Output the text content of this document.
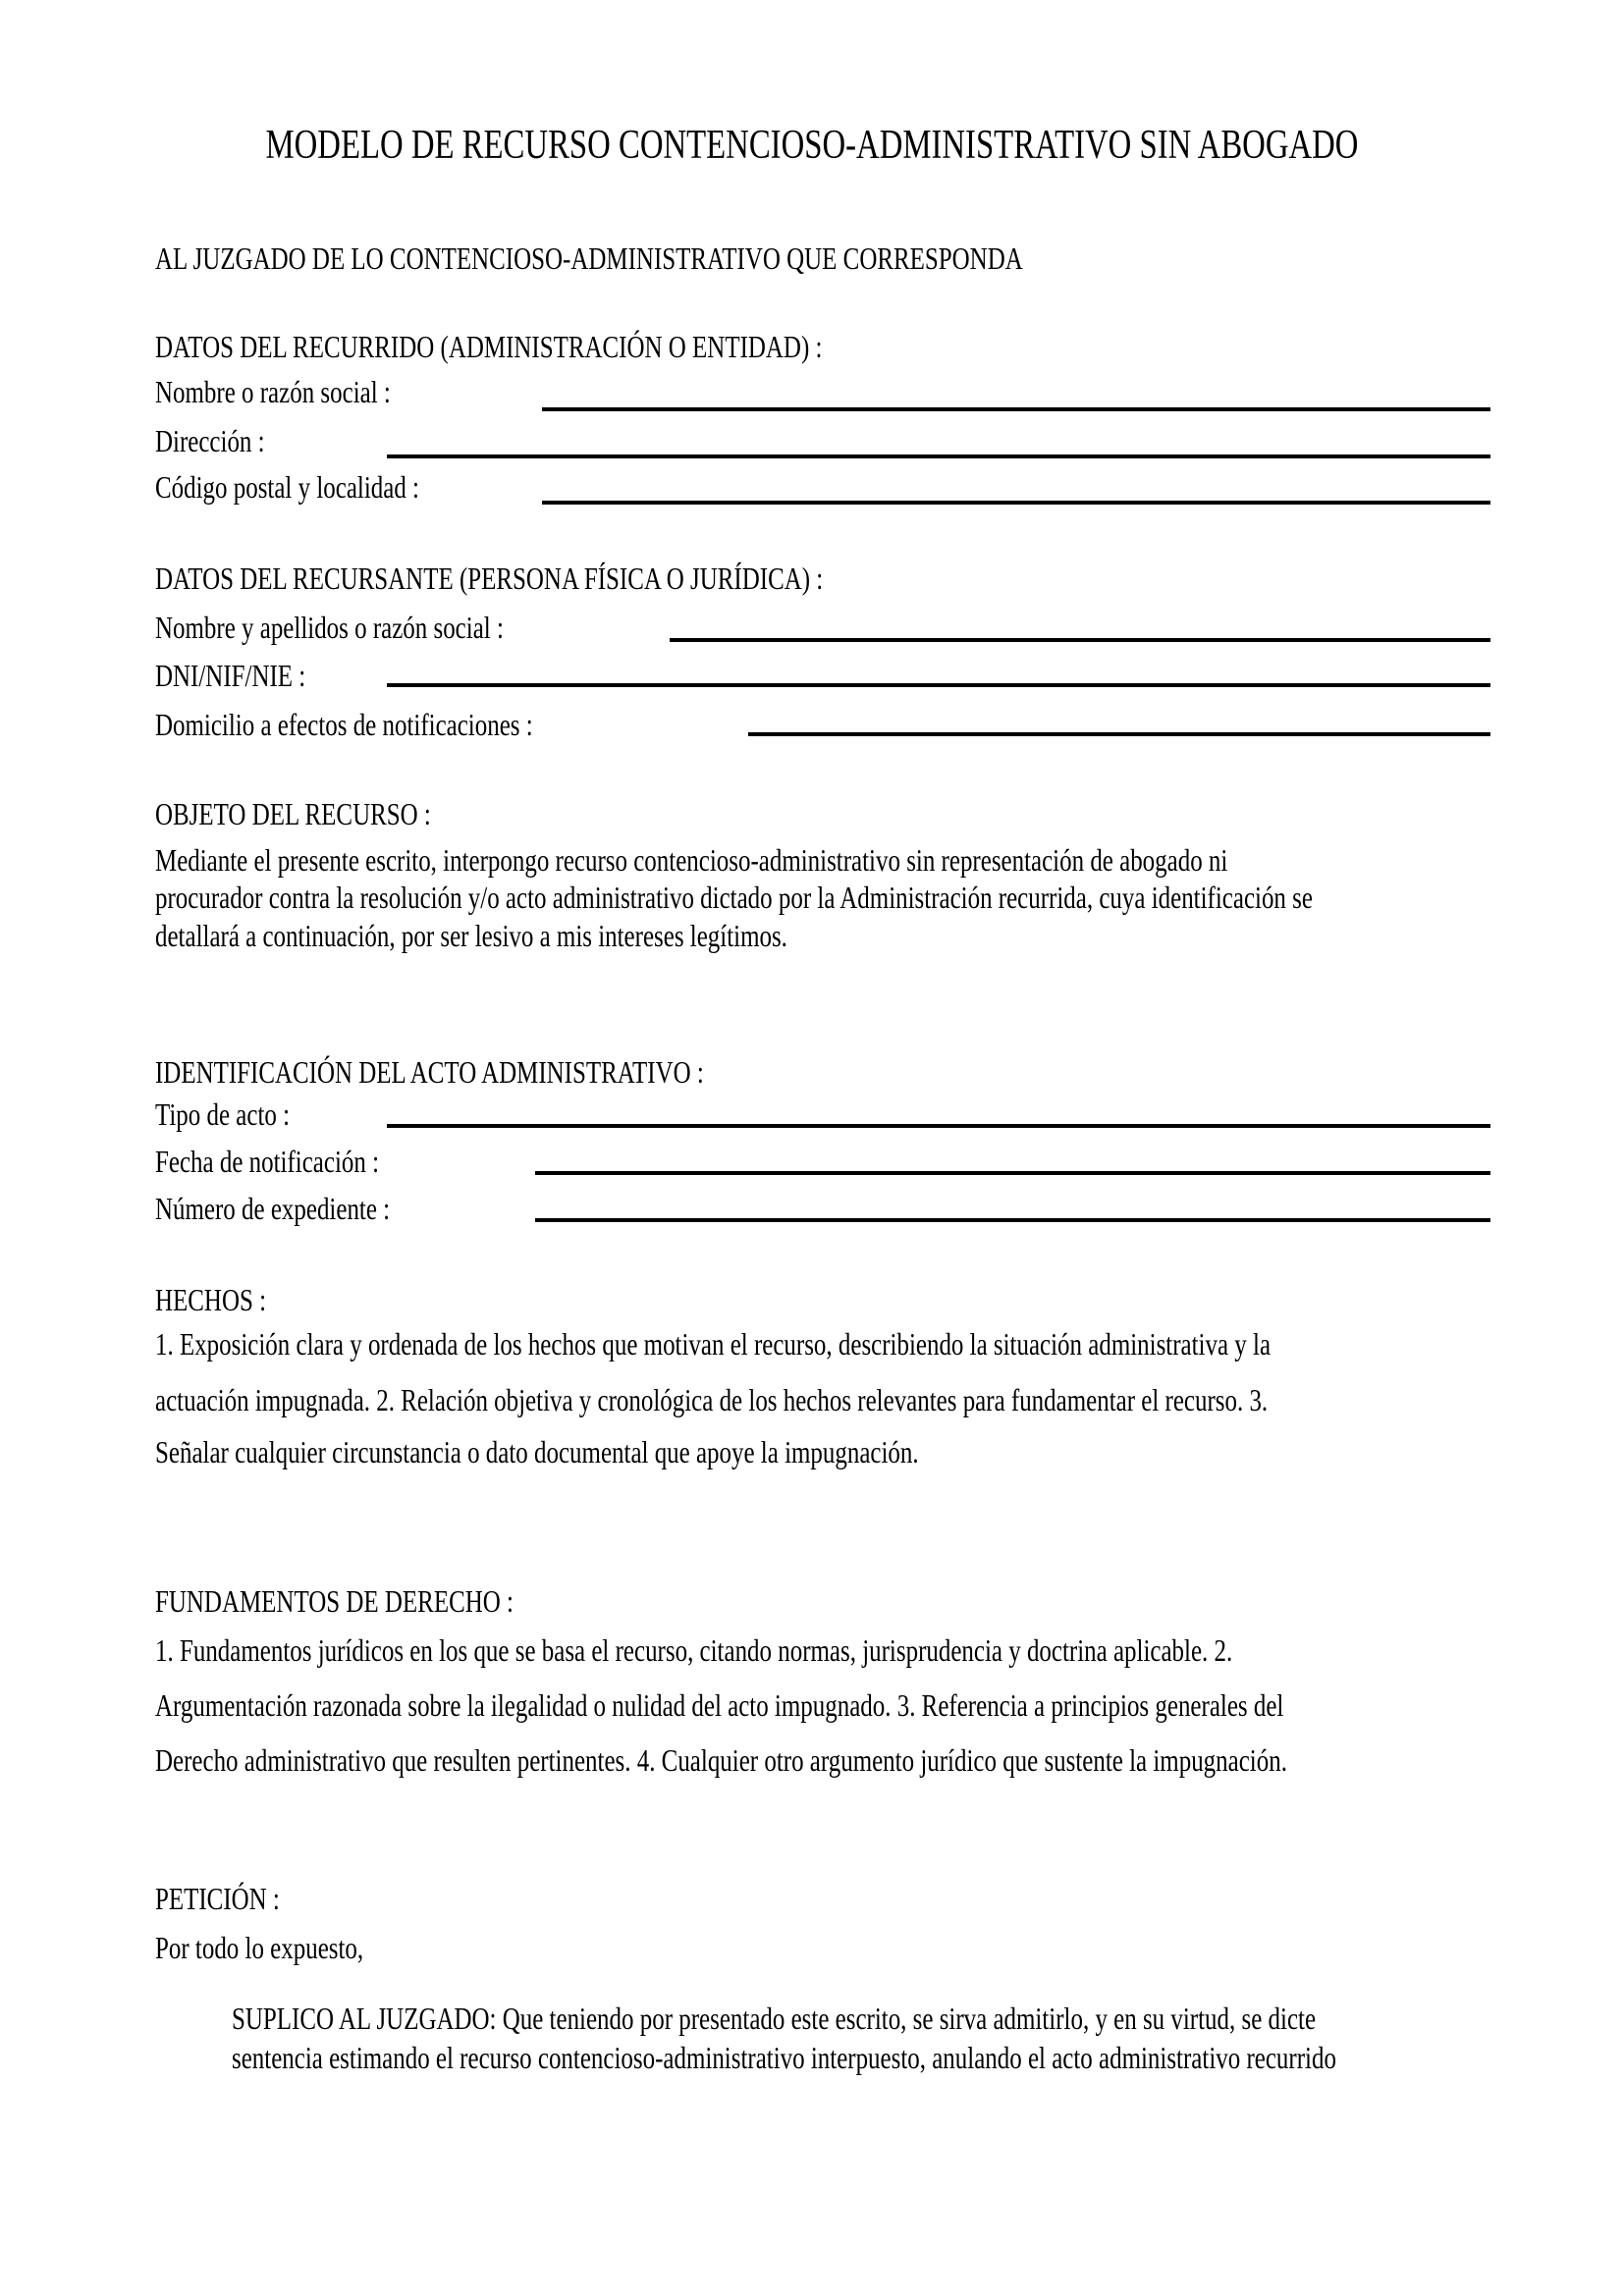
MODELO DE RECURSO CONTENCIOSO-ADMINISTRATIVO SIN ABOGADO
AL JUZGADO DE LO CONTENCIOSO-ADMINISTRATIVO QUE CORRESPONDA
DATOS DEL RECURRIDO (ADMINISTRACIÓN O ENTIDAD) :
Nombre o razón social :
Dirección :
Código postal y localidad :
DATOS DEL RECURSANTE (PERSONA FÍSICA O JURÍDICA) :
Nombre y apellidos o razón social :
DNI/NIF/NIE :
Domicilio a efectos de notificaciones :
OBJETO DEL RECURSO :
Mediante el presente escrito, interpongo recurso contencioso-administrativo sin representación de abogado ni
procurador contra la resolución y/o acto administrativo dictado por la Administración recurrida, cuya identificación se
detallará a continuación, por ser lesivo a mis intereses legítimos.
IDENTIFICACIÓN DEL ACTO ADMINISTRATIVO :
Tipo de acto :
Fecha de notificación :
Número de expediente :
HECHOS :
1. Exposición clara y ordenada de los hechos que motivan el recurso, describiendo la situación administrativa y la
actuación impugnada. 2. Relación objetiva y cronológica de los hechos relevantes para fundamentar el recurso. 3.
Señalar cualquier circunstancia o dato documental que apoye la impugnación.
FUNDAMENTOS DE DERECHO :
1. Fundamentos jurídicos en los que se basa el recurso, citando normas, jurisprudencia y doctrina aplicable. 2.
Argumentación razonada sobre la ilegalidad o nulidad del acto impugnado. 3. Referencia a principios generales del
Derecho administrativo que resulten pertinentes. 4. Cualquier otro argumento jurídico que sustente la impugnación.
PETICIÓN :
Por todo lo expuesto,
SUPLICO AL JUZGADO: Que teniendo por presentado este escrito, se sirva admitirlo, y en su virtud, se dicte
sentencia estimando el recurso contencioso-administrativo interpuesto, anulando el acto administrativo recurrido
